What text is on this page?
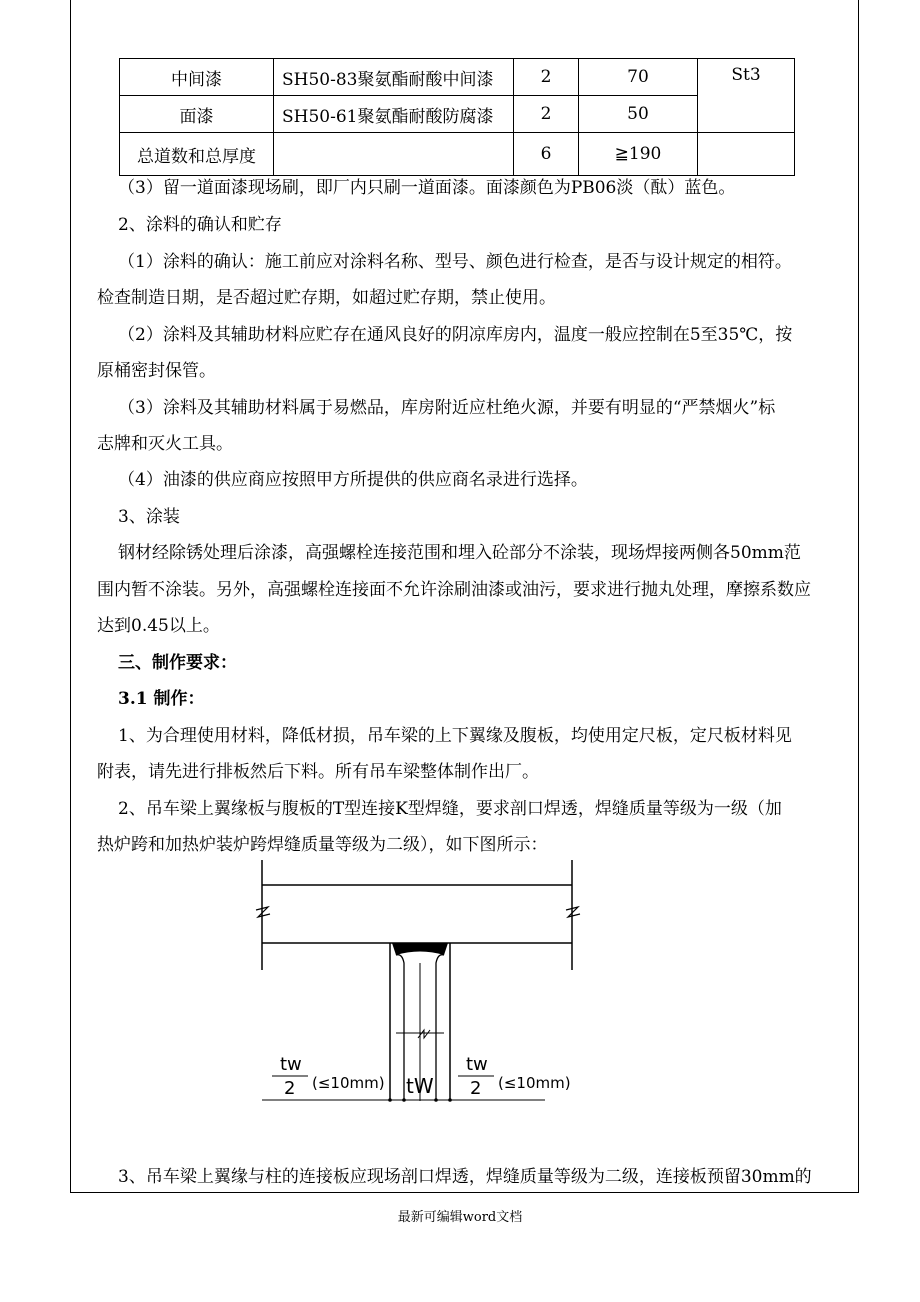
中间漆	SH50-83聚氨酯耐酸中间漆	2	70	St3
面漆	SH50-61聚氨酯耐酸防腐漆	2	50	
总道数和总厚度		6	≧190	
（3）留一道面漆现场刷，即厂内只刷一道面漆。面漆颜色为PB06淡（酞）蓝色。
2、涂料的确认和贮存
（1）涂料的确认：施工前应对涂料名称、型号、颜色进行检查，是否与设计规定的相符。
检查制造日期，是否超过贮存期，如超过贮存期，禁止使用。
（2）涂料及其辅助材料应贮存在通风良好的阴凉库房内，温度一般应控制在5至35℃，按
原桶密封保管。
（3）涂料及其辅助材料属于易燃品，库房附近应杜绝火源，并要有明显的“严禁烟火”标
志牌和灭火工具。
（4）油漆的供应商应按照甲方所提供的供应商名录进行选择。
3、涂装
钢材经除锈处理后涂漆，高强螺栓连接范围和埋入砼部分不涂装，现场焊接两侧各50mm范
围内暂不涂装。另外，高强螺栓连接面不允许涂刷油漆或油污，要求进行抛丸处理，摩擦系数应
达到0.45以上。
三、制作要求：
3.1 制作：
1、为合理使用材料，降低材损，吊车梁的上下翼缘及腹板，均使用定尺板，定尺板材料见
附表，请先进行排板然后下料。所有吊车梁整体制作出厂。
2、吊车梁上翼缘板与腹板的T型连接K型焊缝，要求剖口焊透，焊缝质量等级为一级（加
热炉跨和加热炉装炉跨焊缝质量等级为二级），如下图所示：
tw
2 (≤10mm) tW
tw
2 (≤10mm)
3、吊车梁上翼缘与柱的连接板应现场剖口焊透，焊缝质量等级为二级，连接板预留30mm的
最新可编辑word文档
